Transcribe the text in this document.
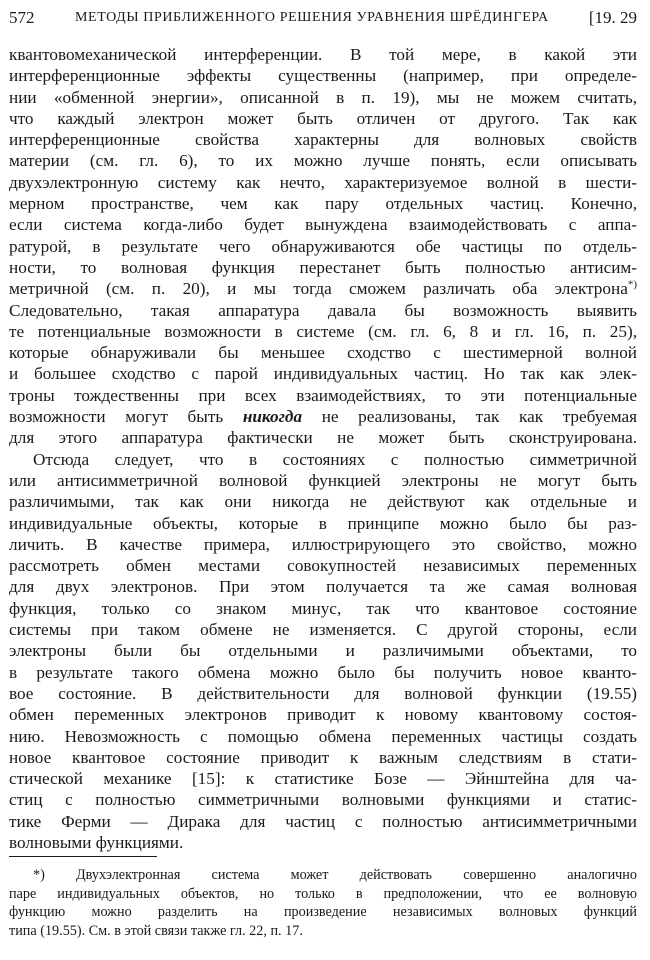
572	МЕТОДЫ ПРИБЛИЖЕННОГО РЕШЕНИЯ УРАВНЕНИЯ ШРЁДИНГЕРА [19. 29

квантовомеханической интерференции. В той мере, в какой эти

интерференционные эффекты существенны (например, при определе-

нии «обменной энергии», описанной в п. 19), мы не можем считать,

что каждый электрон может быть отличен от другого. Так как

интерференционные свойства характерны для волновых свойств

материи (см. гл. 6), то их можно лучше понять, если описывать

двухэлектронную систему как нечто, характеризуемое волной в шести-

мерном пространстве, чем как пару отдельных частиц. Конечно,

если система когда-либо будет вынуждена взаимодействовать с аппа-

ратурой, в результате чего обнаруживаются обе частицы по отдель-

ности, то волновая функция перестанет быть полностью антисим-

метричной (см. п. 20), и мы тогда сможем различать оба электрона*)

Следовательно, такая аппаратура давала бы возможность выявить

те потенциальные возможности в системе (см. гл. 6, 8 и гл. 16, п. 25),

которые обнаруживали бы меньшее сходство с шестимерной волной

и большее сходство с парой индивидуальных частиц. Но так как элек-

троны тождественны при всех взаимодействиях, то эти потенциальные

возможности могут быть никогда не реализованы, так как требуемая

для этого аппаратура фактически не может быть сконструирована.

Отсюда следует, что в состояниях с полностью симметричной

или антисимметричной волновой функцией электроны не могут быть

различимыми, так как они никогда не действуют как отдельные и

индивидуальные объекты, которые в принципе можно было бы раз-

личить. В качестве примера, иллюстрирующего это свойство, можно

рассмотреть обмен местами совокупностей независимых переменных

для двух электронов. При этом получается та же самая волновая

функция, только со знаком минус, так что квантовое состояние

системы при таком обмене не изменяется. С другой стороны, если

электроны были бы отдельными и различимыми объектами, то

в результате такого обмена можно было бы получить новое кванто-

вое состояние. В действительности для волновой функции (19.55)

обмен переменных электронов приводит к новому квантовому состоя-

нию. Невозможность с помощью обмена переменных частицы создать

новое квантовое состояние приводит к важным следствиям в стати-

стической механике [15]: к статистике Бозе — Эйнштейна для ча-

стиц с полностью симметричными волновыми функциями и статис-

тике Ферми — Дирака для частиц с полностью антисимметричными

волновыми функциями.

*) Двухэлектронная система может действовать совершенно аналогично

паре индивидуальных объектов, но только в предположении, что ее волновую

функцию можно разделить на произведение независимых волновых функций

типа (19.55). См. в этой связи также гл. 22, п. 17.
